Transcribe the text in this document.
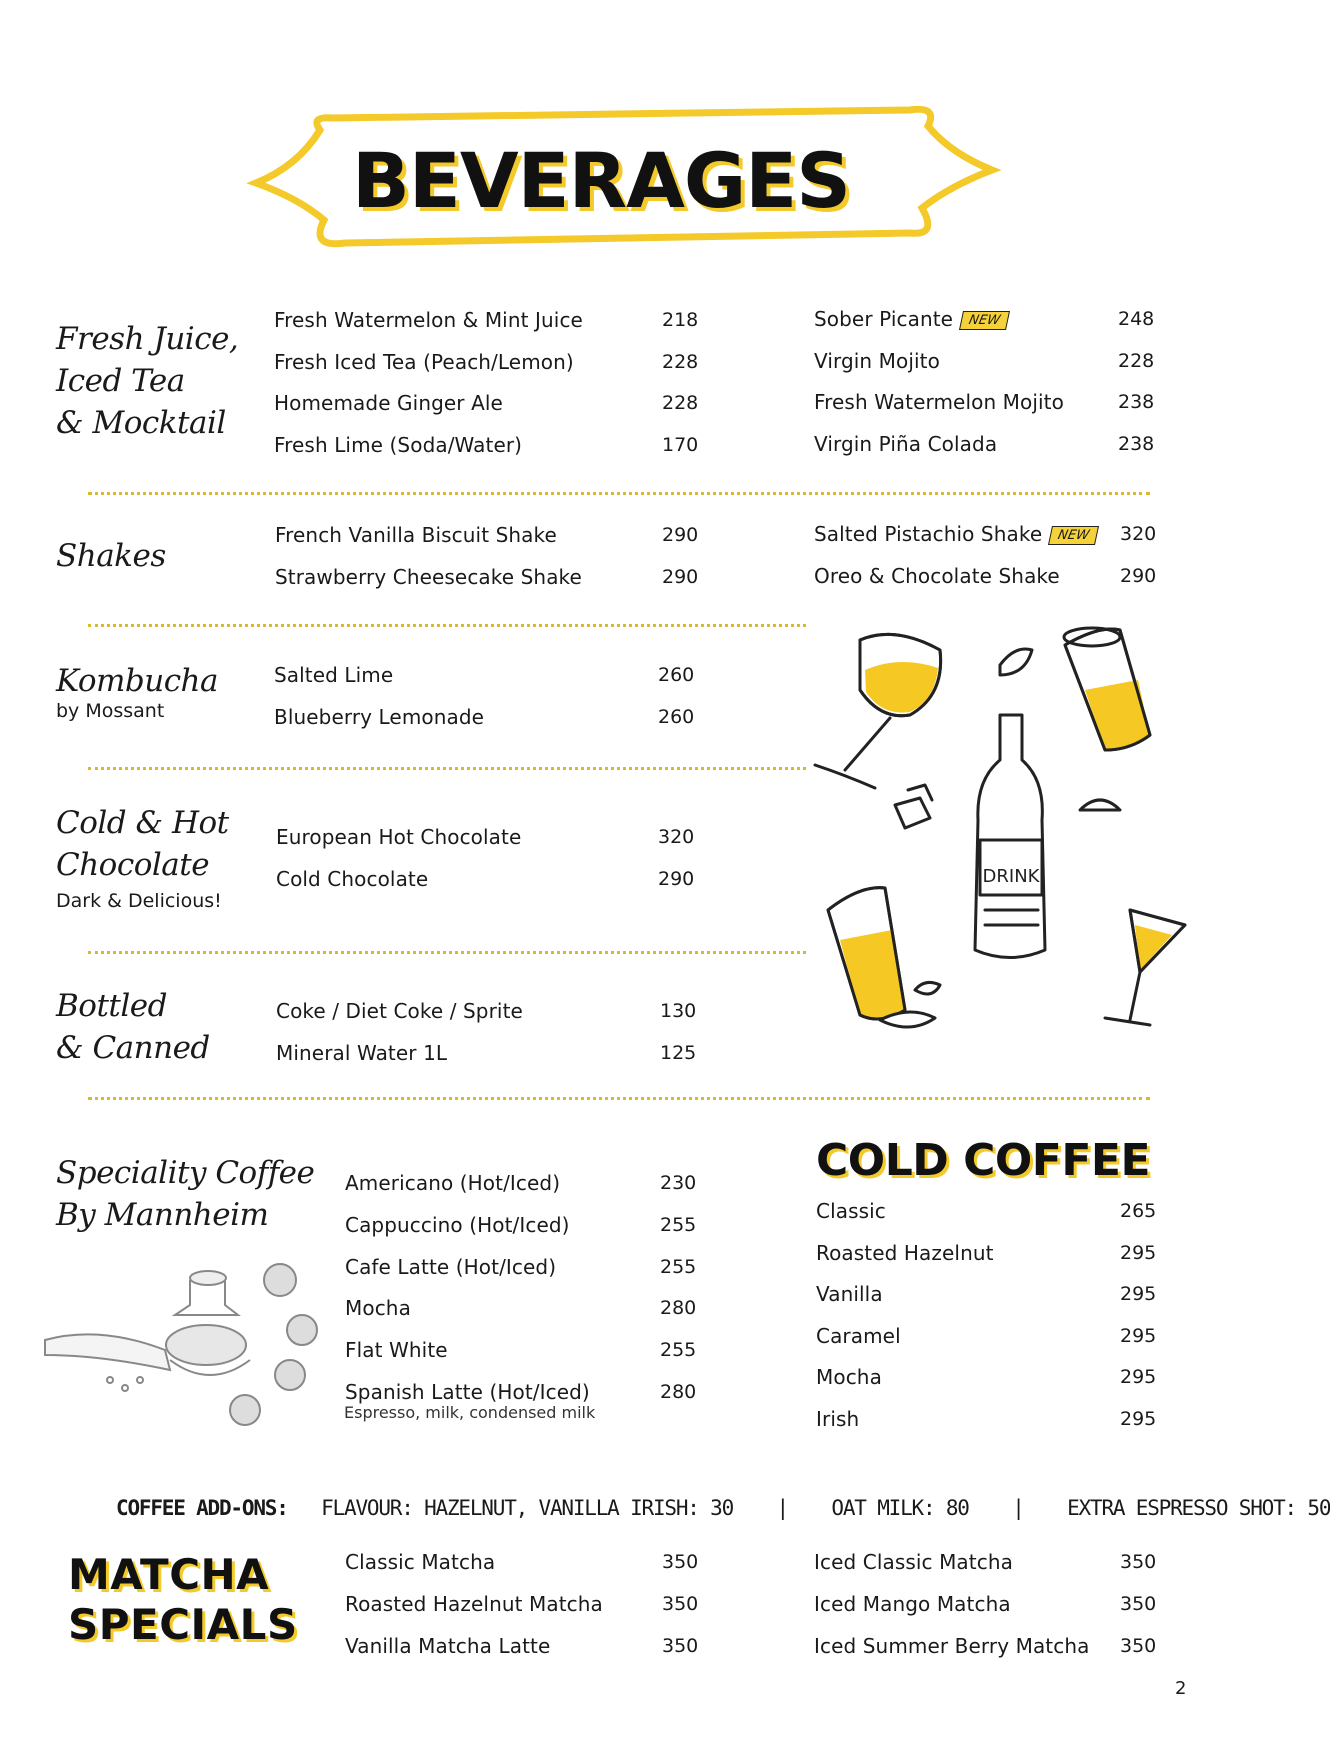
BEVERAGES
Fresh Juice,
Iced Tea
& Mocktail
Fresh Watermelon & Mint Juice	218
Fresh Iced Tea (Peach/Lemon)	228
Homemade Ginger Ale	228
Fresh Lime (Soda/Water)	170
Sober Picante NEW	248
Virgin Mojito	228
Fresh Watermelon Mojito	238
Virgin Piña Colada	238
Shakes
Kombucha
by Mossant
Cold & Hot
Chocolate
Dark & Delicious!
Bottled
& Canned
DRINK
Speciality Coffee
By Mannheim
Americano (Hot/Iced)	230
Cappuccino (Hot/Iced)	255
Cafe Latte (Hot/Iced)	255
Mocha	280
Flat White	255
Spanish Latte (Hot/Iced)	280
Espresso, milk, condensed milk
COLD COFFEE
Classic	265
Roasted Hazelnut	295
Vanilla	295
Caramel	295
Mocha	295
Irish	295
COFFEE ADD-ONS: FLAVOUR: HAZELNUT, VANILLA IRISH: 30 | OAT MILK: 80 | EXTRA ESPRESSO SHOT: 50
MATCHA
SPECIALS
Classic Matcha	350
Roasted Hazelnut Matcha	350
Vanilla Matcha Latte	350
Iced Classic Matcha	350
Iced Mango Matcha	350
Iced Summer Berry Matcha 350
2
French Vanilla Biscuit Shake	290
Strawberry Cheesecake Shake	290
Salted Pistachio Shake NEW	320
Oreo & Chocolate Shake	290
Salted Lime	260
Blueberry Lemonade	260
European Hot Chocolate	320
Cold Chocolate	290
Coke / Diet Coke / Sprite	130
Mineral Water 1L	125
